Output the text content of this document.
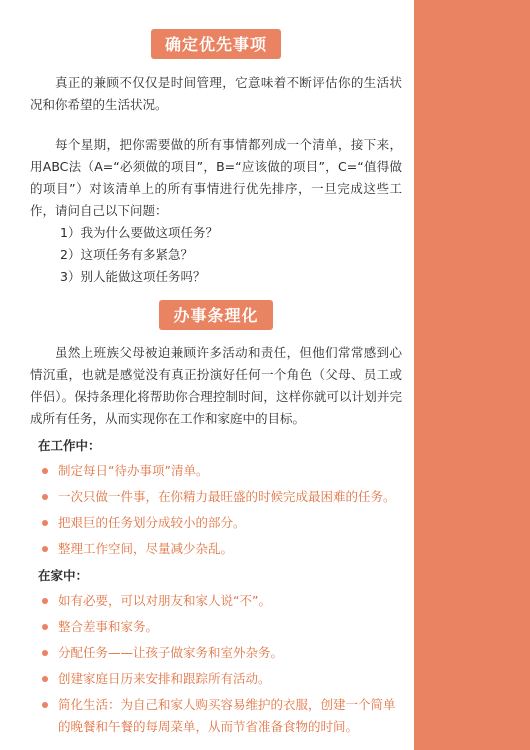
确定优先事项

真正的兼顾不仅仅是时间管理，它意味着不断评估你的生活状况和你希望的生活状况。

每个星期，把你需要做的所有事情都列成一个清单，接下来，用ABC法（A=“必须做的项目”，B=“应该做的项目”，C=“值得做的项目”）对该清单上的所有事情进行优先排序，一旦完成这些工作，请问自己以下问题：

1）我为什么要做这项任务？
2）这项任务有多紧急？
3）别人能做这项任务吗？
办事条理化

虽然上班族父母被迫兼顾许多活动和责任，但他们常常感到心情沉重，也就是感觉没有真正扮演好任何一个角色（父母、员工或伴侣）。保持条理化将帮助你合理控制时间，这样你就可以计划并完成所有任务，从而实现你在工作和家庭中的目标。

在工作中：
制定每日“待办事项”清单。
一次只做一件事，在你精力最旺盛的时候完成最困难的任务。
把艰巨的任务划分成较小的部分。
整理工作空间，尽量减少杂乱。
在家中：
如有必要，可以对朋友和家人说“不”。
整合差事和家务。
分配任务——让孩子做家务和室外杂务。
创建家庭日历来安排和跟踪所有活动。
简化生活：为自己和家人购买容易维护的衣服，创建一个简单的晚餐和午餐的每周菜单，从而节省准备食物的时间。
